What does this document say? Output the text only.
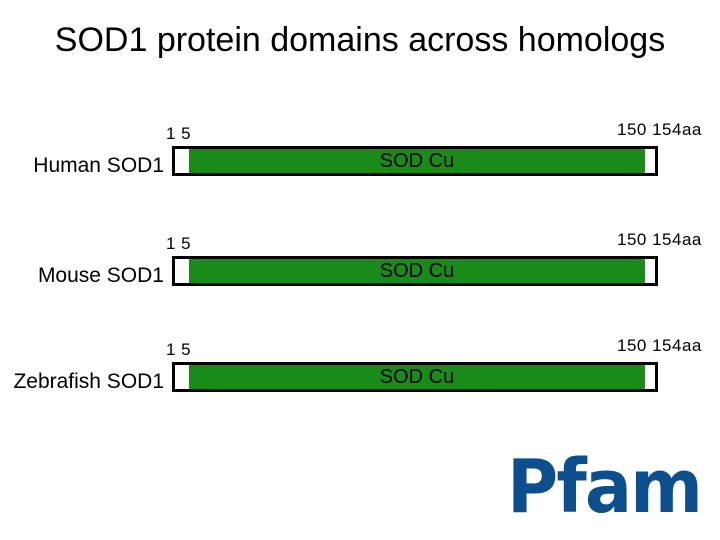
SOD1 protein domains across homologs
Human SOD1
1 5	150 154aa
SOD Cu
Mouse SOD1
1 5	150 154aa
SOD Cu
Zebrafish SOD1
1 5	150 154aa
SOD Cu
Pfam
